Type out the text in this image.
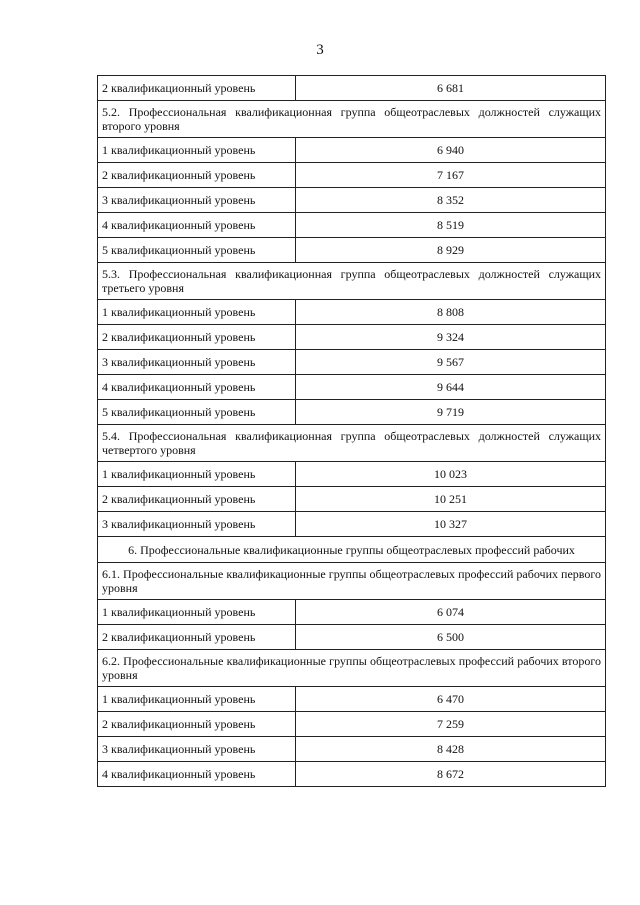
3
2 квалификационный уровень	6 681
5.2. Профессиональная квалификационная группа общеотраслевых должностей служащих второго уровня	
1 квалификационный уровень	6 940
2 квалификационный уровень	7 167
3 квалификационный уровень	8 352
4 квалификационный уровень	8 519
5 квалификационный уровень	8 929
5.3. Профессиональная квалификационная группа общеотраслевых должностей служащих третьего уровня	
1 квалификационный уровень	8 808
2 квалификационный уровень	9 324
3 квалификационный уровень	9 567
4 квалификационный уровень	9 644
5 квалификационный уровень	9 719
5.4. Профессиональная квалификационная группа общеотраслевых должностей служащих четвертого уровня	
1 квалификационный уровень	10 023
2 квалификационный уровень	10 251
3 квалификационный уровень	10 327
6. Профессиональные квалификационные группы общеотраслевых профессий рабочих	
6.1. Профессиональные квалификационные группы общеотраслевых профессий рабочих первого уровня	
1 квалификационный уровень	6 074
2 квалификационный уровень	6 500
6.2. Профессиональные квалификационные группы общеотраслевых профессий рабочих второго уровня	
1 квалификационный уровень	6 470
2 квалификационный уровень	7 259
3 квалификационный уровень	8 428
4 квалификационный уровень	8 672
